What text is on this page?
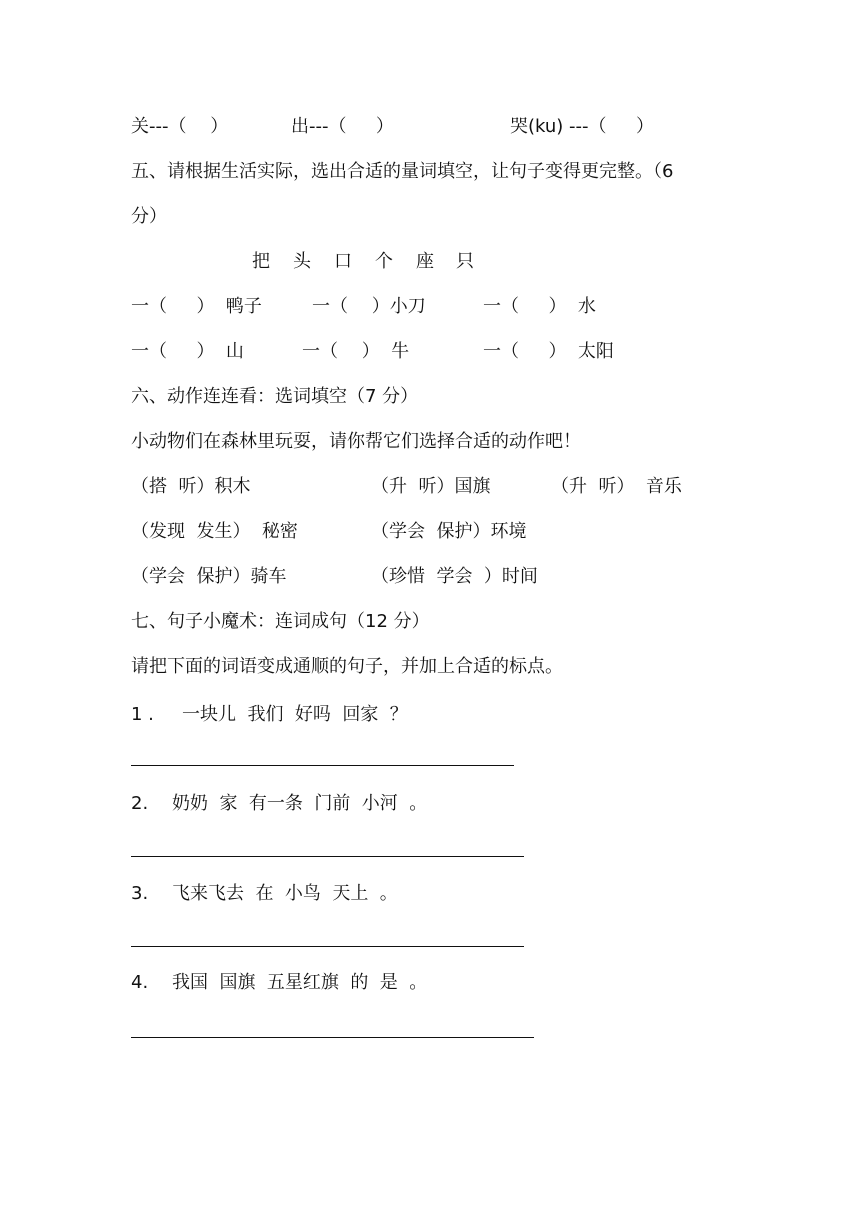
关---（　 ）	出---（　  ）	哭(ku) ---（　  ）
五、请根据生活实际，选出合适的量词填空，让句子变得更完整。（6
分）
把 头 口 个 座 只
一（　  ）  鸭子	一（　 ）小刀	一（　  ）  水
一（　  ）  山	一（　 ）  牛	一（　  ）  太阳
六、动作连连看：选词填空（7 分）
小动物们在森林里玩耍，请你帮它们选择合适的动作吧！
（搭  听）积木	（升  听）国旗	（升  听）  音乐
（发现  发生）  秘密	（学会  保护）环境
（学会  保护）骑车	（珍惜  学会  ）时间
七、句子小魔术：连词成句（12 分）
请把下面的词语变成通顺的句子，并加上合适的标点。
1 . 一块儿  我们  好吗  回家  ？
2. 奶奶  家  有一条  门前  小河  。
3. 飞来飞去  在  小鸟  天上  。
4. 我国  国旗  五星红旗  的  是  。
